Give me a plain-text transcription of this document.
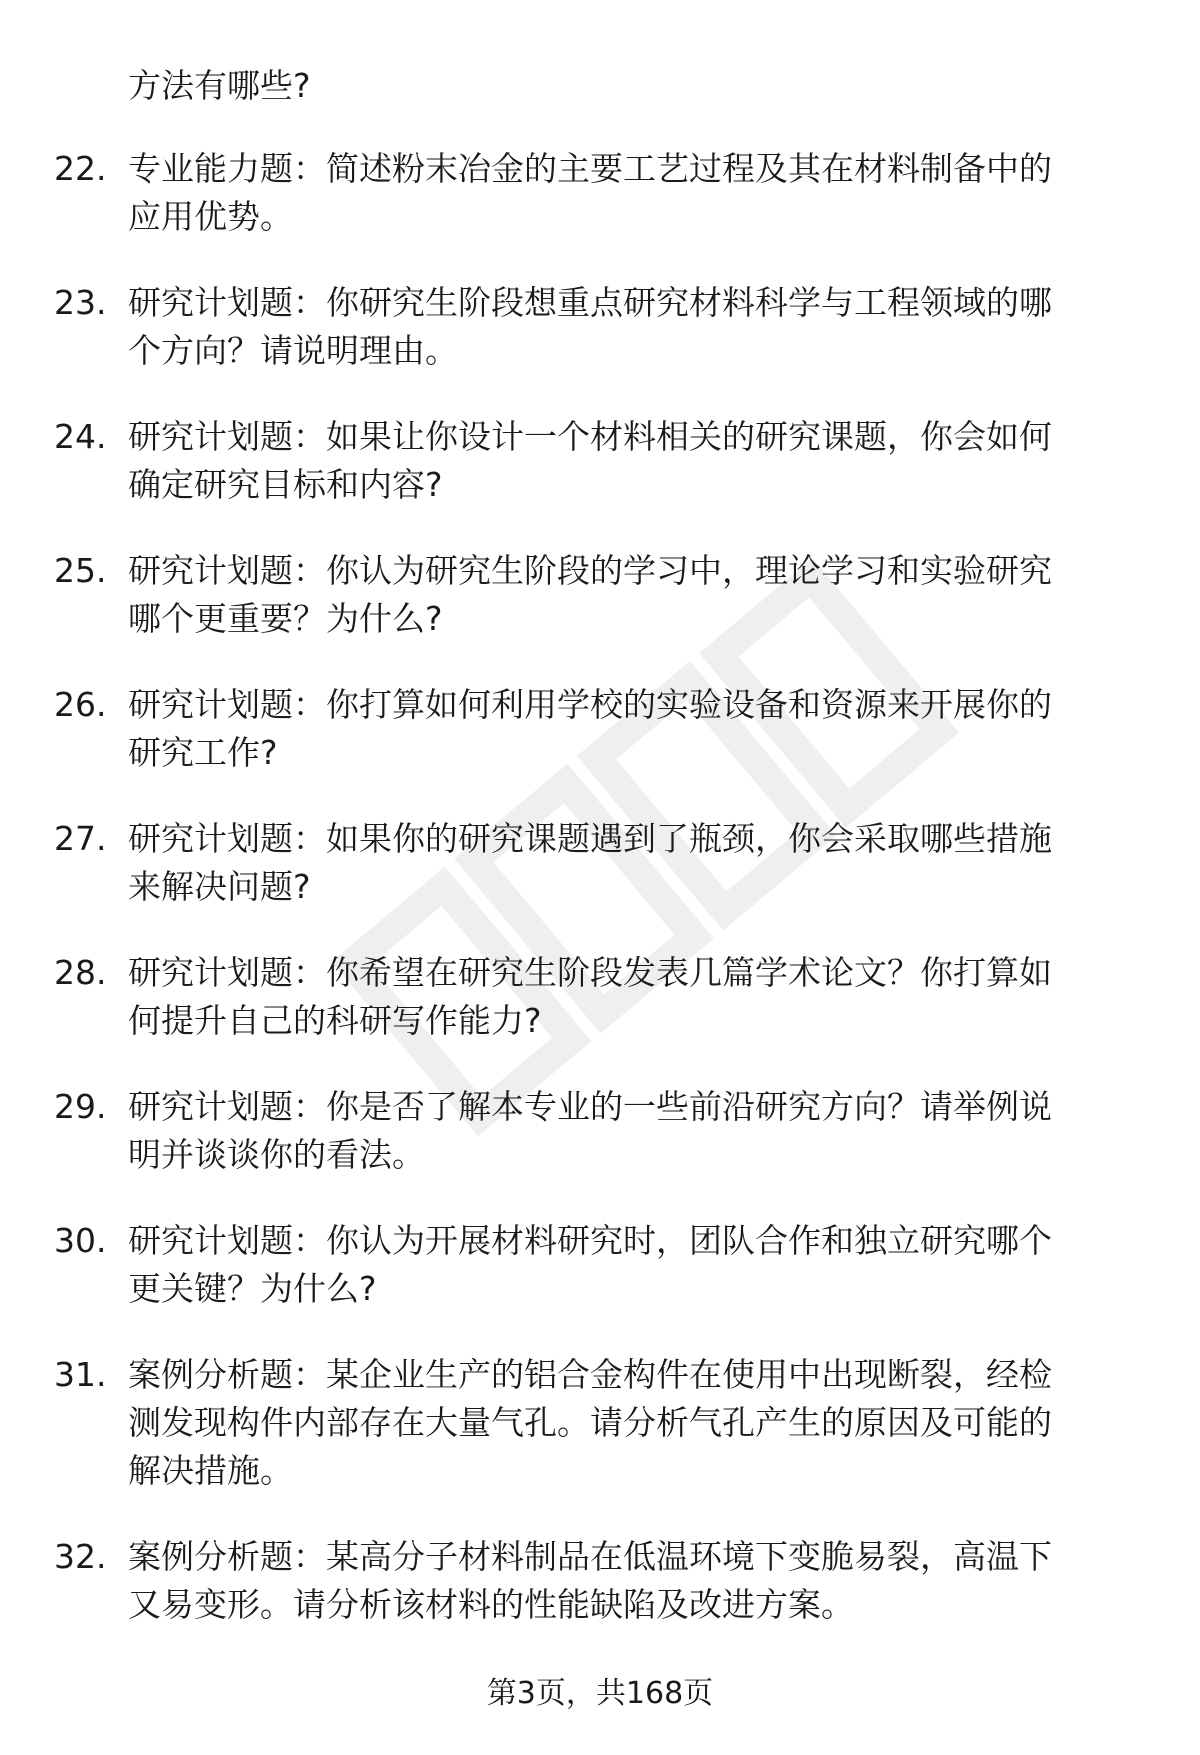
方法有哪些?
22. 专业能力题：简述粉末冶金的主要工艺过程及其在材料制备中的
应用优势。
23. 研究计划题：你研究生阶段想重点研究材料科学与工程领域的哪
个方向？请说明理由。
24. 研究计划题：如果让你设计一个材料相关的研究课题，你会如何
确定研究目标和内容?
25. 研究计划题：你认为研究生阶段的学习中，理论学习和实验研究
哪个更重要？为什么?
26. 研究计划题：你打算如何利用学校的实验设备和资源来开展你的
研究工作?
27. 研究计划题：如果你的研究课题遇到了瓶颈，你会采取哪些措施
来解决问题?
28. 研究计划题：你希望在研究生阶段发表几篇学术论文？你打算如
何提升自己的科研写作能力?
29. 研究计划题：你是否了解本专业的一些前沿研究方向？请举例说
明并谈谈你的看法。
30. 研究计划题：你认为开展材料研究时，团队合作和独立研究哪个
更关键？为什么?
31. 案例分析题：某企业生产的铝合金构件在使用中出现断裂，经检
测发现构件内部存在大量气孔。请分析气孔产生的原因及可能的
解决措施。
32. 案例分析题：某高分子材料制品在低温环境下变脆易裂，高温下
又易变形。请分析该材料的性能缺陷及改进方案。
第3页，共168页
